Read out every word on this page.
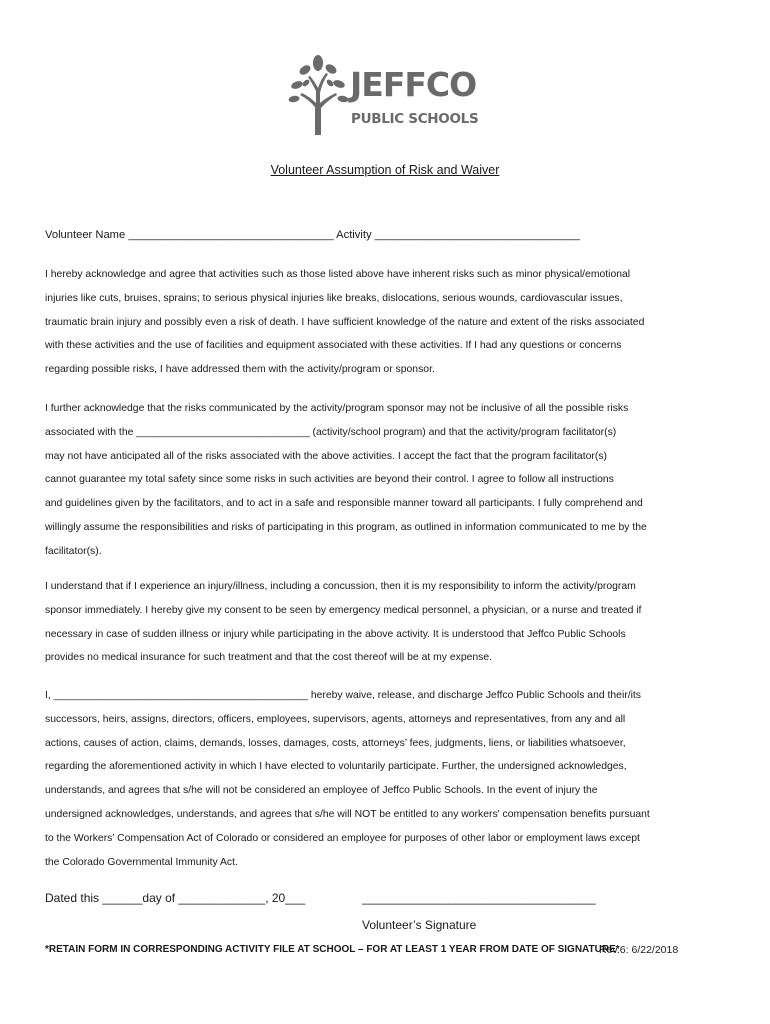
JEFFCO
PUBLIC SCHOOLS
Volunteer Assumption of Risk and Waiver
Volunteer Name _________________________________ Activity _________________________________
I hereby acknowledge and agree that activities such as those listed above have inherent risks such as minor physical/emotional
injuries like cuts, bruises, sprains; to serious physical injuries like breaks, dislocations, serious wounds, cardiovascular issues,
traumatic brain injury and possibly even a risk of death. I have sufficient knowledge of the nature and extent of the risks associated
with these activities and the use of facilities and equipment associated with these activities. If I had any questions or concerns
regarding possible risks, I have addressed them with the activity/program or sponsor.
I further acknowledge that the risks communicated by the activity/program sponsor may not be inclusive of all the possible risks
associated with the ______________________________ (activity/school program) and that the activity/program facilitator(s)
may not have anticipated all of the risks associated with the above activities. I accept the fact that the program facilitator(s)
cannot guarantee my total safety since some risks in such activities are beyond their control. I agree to follow all instructions
and guidelines given by the facilitators, and to act in a safe and responsible manner toward all participants. I fully comprehend and
willingly assume the responsibilities and risks of participating in this program, as outlined in information communicated to me by the
facilitator(s).
I understand that if I experience an injury/illness, including a concussion, then it is my responsibility to inform the activity/program
sponsor immediately. I hereby give my consent to be seen by emergency medical personnel, a physician, or a nurse and treated if
necessary in case of sudden illness or injury while participating in the above activity. It is understood that Jeffco Public Schools
provides no medical insurance for such treatment and that the cost thereof will be at my expense.
I, ____________________________________________ hereby waive, release, and discharge Jeffco Public Schools and their/its
successors, heirs, assigns, directors, officers, employees, supervisors, agents, attorneys and representatives, from any and all
actions, causes of action, claims, demands, losses, damages, costs, attorneys’ fees, judgments, liens, or liabilities whatsoever,
regarding the aforementioned activity in which I have elected to voluntarily participate. Further, the undersigned acknowledges,
understands, and agrees that s/he will not be considered an employee of Jeffco Public Schools. In the event of injury the
undersigned acknowledges, understands, and agrees that s/he will NOT be entitled to any workers' compensation benefits pursuant
to the Workers’ Compensation Act of Colorado or considered an employee for purposes of other labor or employment laws except
the Colorado Governmental Immunity Act.
Dated this ______day of _____________, 20___	___________________________________
Volunteer’s Signature
*RETAIN FORM IN CORRESPONDING ACTIVITY FILE AT SCHOOL – FOR AT LEAST 1 YEAR FROM DATE OF SIGNATURE*
Rev.6: 6/22/2018
